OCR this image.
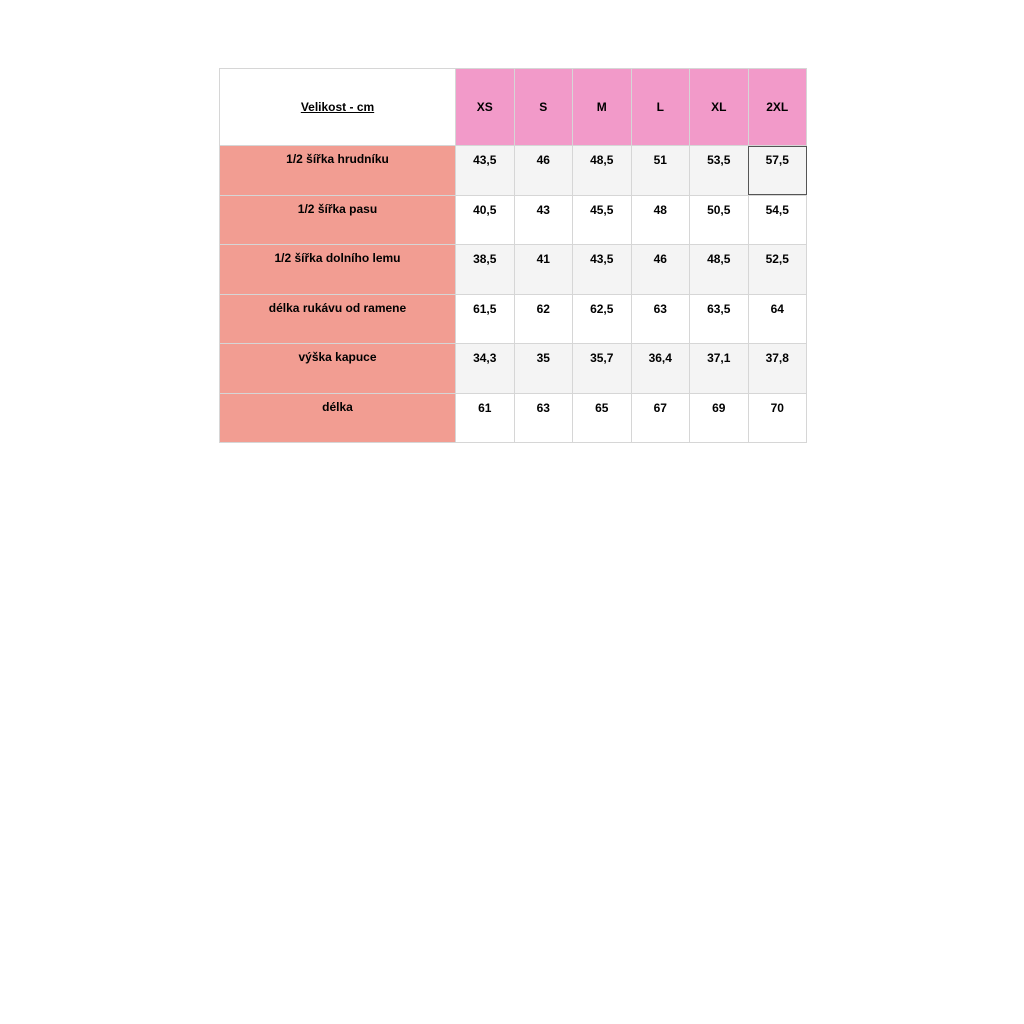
Velikost - cm	XS	S	M	L	XL	2XL
1/2 šířka hrudníku	43,5	46	48,5	51	53,5	57,5
1/2 šířka pasu	40,5	43	45,5	48	50,5	54,5
1/2 šířka dolního lemu	38,5	41	43,5	46	48,5	52,5
délka rukávu od ramene	61,5	62	62,5	63	63,5	64
výška kapuce	34,3	35	35,7	36,4	37,1	37,8
délka	61	63	65	67	69	70
